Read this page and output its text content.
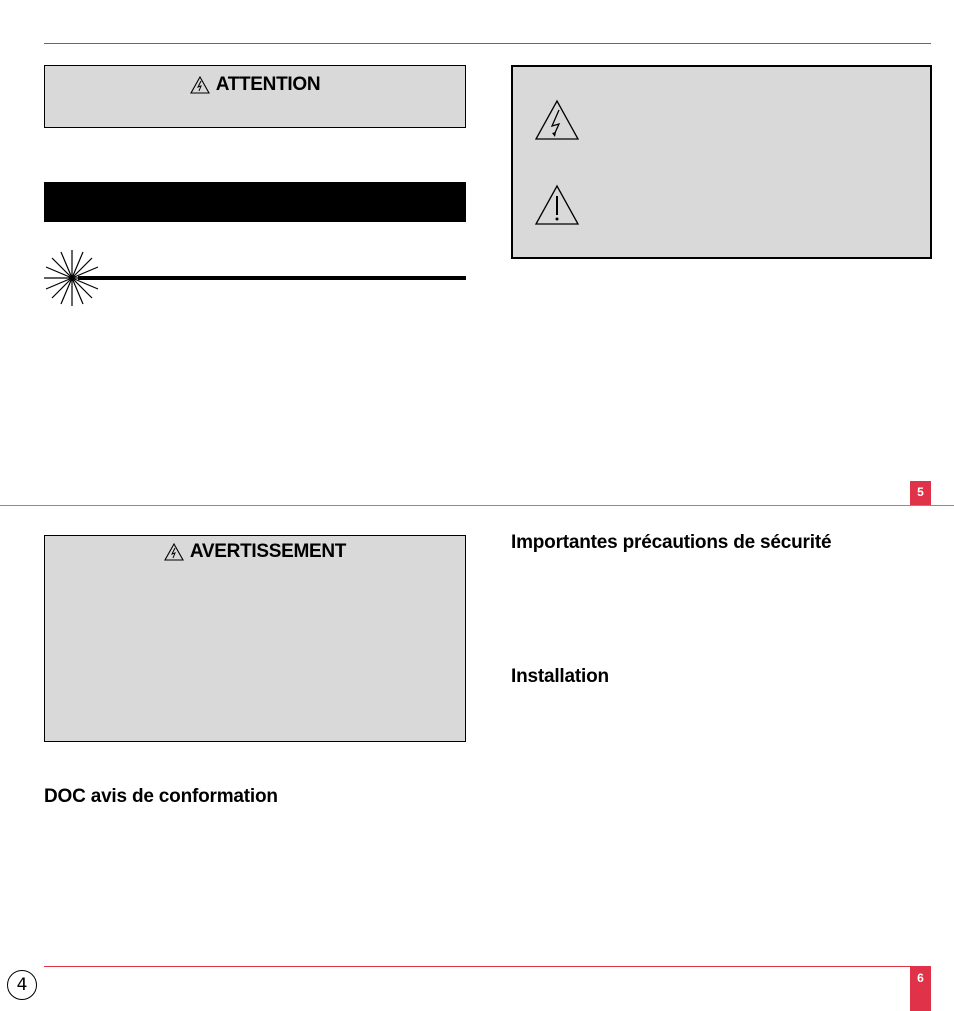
ATTENTION
5
AVERTISSEMENT
DOC avis de conformation
Importantes précautions de sécurité
Installation
4	6
